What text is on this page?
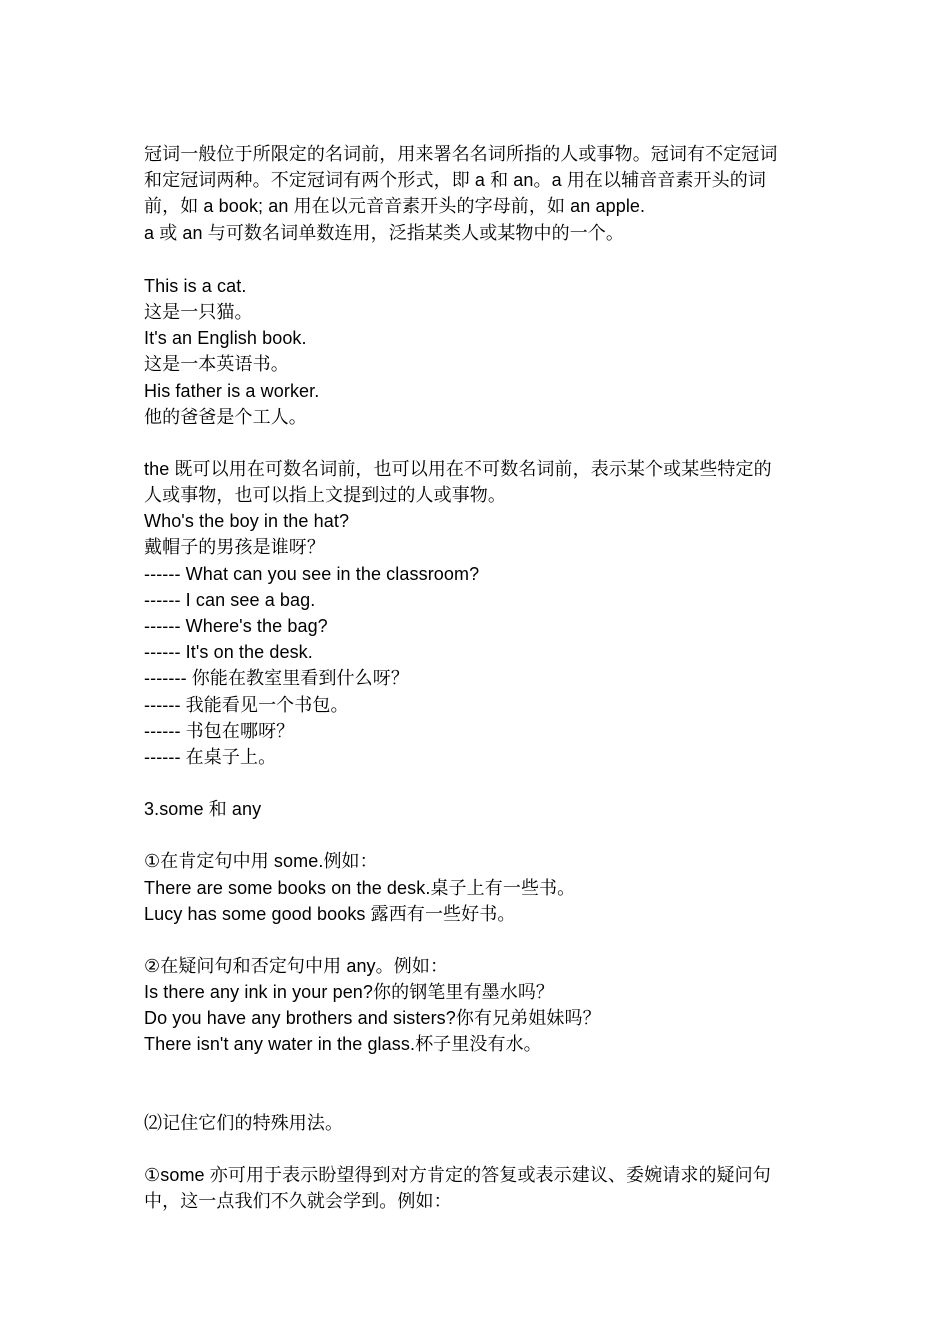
冠词一般位于所限定的名词前，用来署名名词所指的人或事物。冠词有不定冠词
和定冠词两种。不定冠词有两个形式，即 a 和 an。a 用在以辅音音素开头的词
前，如 a book; an 用在以元音音素开头的字母前，如 an apple.
a 或 an 与可数名词单数连用，泛指某类人或某物中的一个。
This is a cat.
这是一只猫。
It's an English book.
这是一本英语书。
His father is a worker.
他的爸爸是个工人。
the 既可以用在可数名词前，也可以用在不可数名词前，表示某个或某些特定的
人或事物，也可以指上文提到过的人或事物。
Who's the boy in the hat?
戴帽子的男孩是谁呀？
------ What can you see in the classroom?
------ I can see a bag.
------ Where's the bag?
------ It's on the desk.
------- 你能在教室里看到什么呀？
------ 我能看见一个书包。
------ 书包在哪呀？
------ 在桌子上。
3.some 和 any
①在肯定句中用 some.例如：
There are some books on the desk.桌子上有一些书。
Lucy has some good books 露西有一些好书。
②在疑问句和否定句中用 any。例如：
Is there any ink in your pen?你的钢笔里有墨水吗？
Do you have any brothers and sisters?你有兄弟姐妹吗？
There isn't any water in the glass.杯子里没有水。
⑵记住它们的特殊用法。
①some 亦可用于表示盼望得到对方肯定的答复或表示建议、委婉请求的疑问句
中，这一点我们不久就会学到。例如：
